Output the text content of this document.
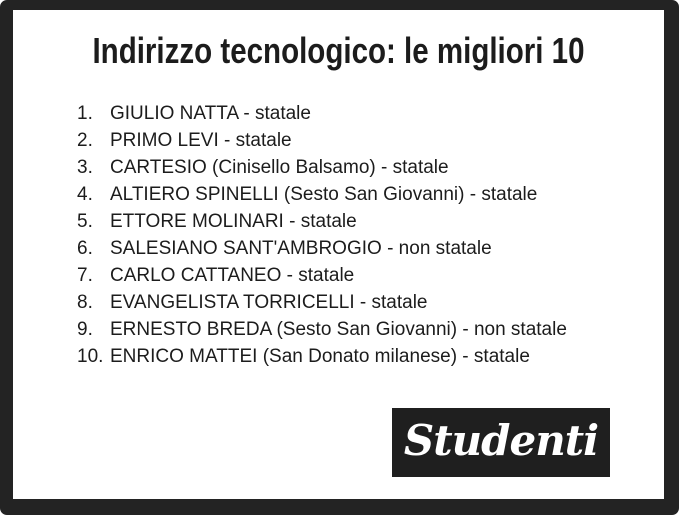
Indirizzo tecnologico: le migliori 10
1. GIULIO NATTA - statale
2. PRIMO LEVI - statale
3. CARTESIO (Cinisello Balsamo) - statale
4. ALTIERO SPINELLI (Sesto San Giovanni) - statale
5. ETTORE MOLINARI - statale
6. SALESIANO SANT'AMBROGIO - non statale
7. CARLO CATTANEO - statale
8. EVANGELISTA TORRICELLI - statale
9. ERNESTO BREDA (Sesto San Giovanni) - non statale
10. ENRICO MATTEI (San Donato milanese) - statale
Studenti
